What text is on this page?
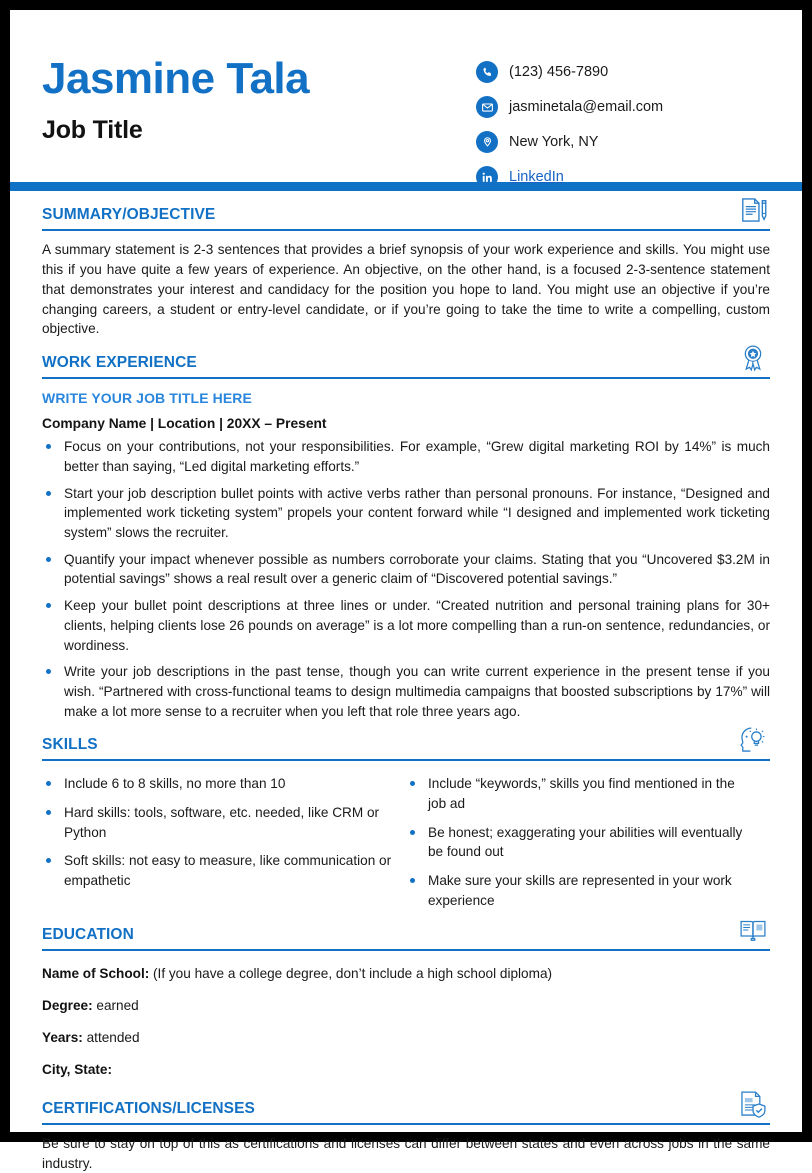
Jasmine Tala
Job Title
(123) 456-7890
jasminetala@email.com
New York, NY
LinkedIn
SUMMARY/OBJECTIVE
A summary statement is 2-3 sentences that provides a brief synopsis of your work experience and skills. You might use this if you have quite a few years of experience. An objective, on the other hand, is a focused 2-3-sentence statement that demonstrates your interest and candidacy for the position you hope to land. You might use an objective if you’re changing careers, a student or entry-level candidate, or if you’re going to take the time to write a compelling, custom objective.
WORK EXPERIENCE
WRITE YOUR JOB TITLE HERE
Company Name | Location | 20XX – Present
Focus on your contributions, not your responsibilities. For example, “Grew digital marketing ROI by 14%” is much better than saying, “Led digital marketing efforts.”
Start your job description bullet points with active verbs rather than personal pronouns. For instance, “Designed and implemented work ticketing system” propels your content forward while “I designed and implemented work ticketing system” slows the recruiter.
Quantify your impact whenever possible as numbers corroborate your claims. Stating that you “Uncovered $3.2M in potential savings” shows a real result over a generic claim of “Discovered potential savings.”
Keep your bullet point descriptions at three lines or under. “Created nutrition and personal training plans for 30+ clients, helping clients lose 26 pounds on average” is a lot more compelling than a run-on sentence, redundancies, or wordiness.
Write your job descriptions in the past tense, though you can write current experience in the present tense if you wish. “Partnered with cross-functional teams to design multimedia campaigns that boosted subscriptions by 17%” will make a lot more sense to a recruiter when you left that role three years ago.
SKILLS
Include 6 to 8 skills, no more than 10
Hard skills: tools, software, etc. needed, like CRM or Python
Soft skills: not easy to measure, like communication or empathetic
Include “keywords,” skills you find mentioned in the job ad
Be honest; exaggerating your abilities will eventually be found out
Make sure your skills are represented in your work experience
EDUCATION
Name of School: (If you have a college degree, don’t include a high school diploma)
Degree: earned
Years: attended
City, State:
CERTIFICATIONS/LICENSES
Be sure to stay on top of this as certifications and licenses can differ between states and even across jobs in the same industry.
